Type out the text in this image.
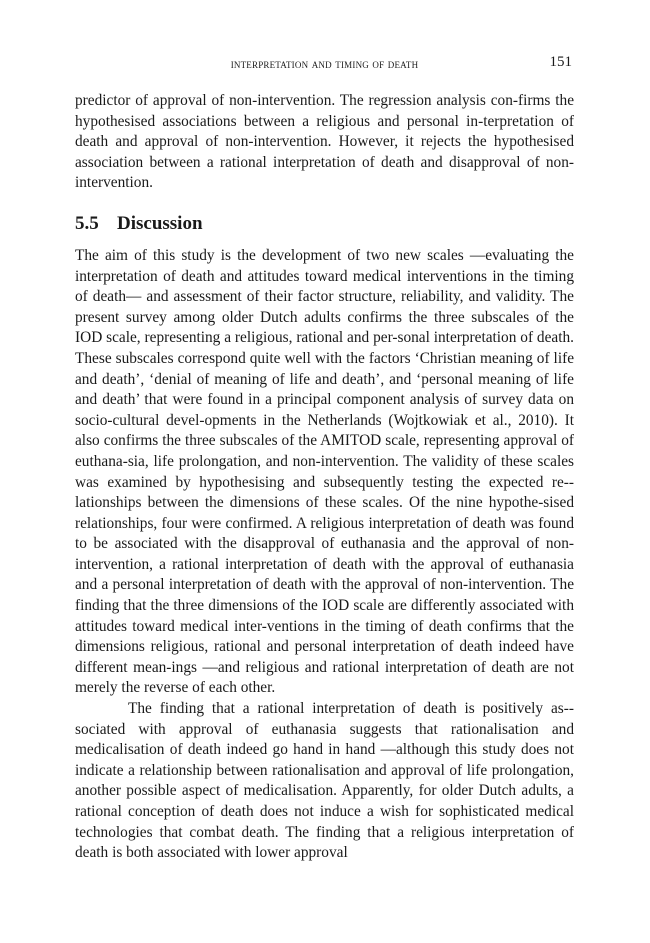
interpretation and timing of death	151

predictor of approval of non-intervention. The regression analysis con-firms the hypothesised associations between a religious and personal in-terpretation of death and approval of non-intervention. However, it rejects the hypothesised association between a rational interpretation of death and disapproval of non-intervention.

5.5 Discussion

The aim of this study is the development of two new scales —evaluating the interpretation of death and attitudes toward medical interventions in the timing of death— and assessment of their factor structure, reliability, and validity. The present survey among older Dutch adults confirms the three subscales of the IOD scale, representing a religious, rational and per-sonal interpretation of death. These subscales correspond quite well with the factors ‘Christian meaning of life and death’, ‘denial of meaning of life and death’, and ‘personal meaning of life and death’ that were found in a principal component analysis of survey data on socio-cultural devel-opments in the Netherlands (Wojtkowiak et al., 2010). It also confirms the three subscales of the AMITOD scale, representing approval of euthana-sia, life prolongation, and non-intervention. The validity of these scales was examined by hypothesising and subsequently testing the expected re-lationships between the dimensions of these scales. Of the nine hypothe-sised relationships, four were confirmed. A religious interpretation of death was found to be associated with the disapproval of euthanasia and the approval of non-intervention, a rational interpretation of death with the approval of euthanasia and a personal interpretation of death with the approval of non-intervention. The finding that the three dimensions of the IOD scale are differently associated with attitudes toward medical inter-ventions in the timing of death confirms that the dimensions religious, rational and personal interpretation of death indeed have different mean-ings —and religious and rational interpretation of death are not merely the reverse of each other.

The finding that a rational interpretation of death is positively as-sociated with approval of euthanasia suggests that rationalisation and medicalisation of death indeed go hand in hand —although this study does not indicate a relationship between rationalisation and approval of life prolongation, another possible aspect of medicalisation. Apparently, for older Dutch adults, a rational conception of death does not induce a wish for sophisticated medical technologies that combat death. The finding that a religious interpretation of death is both associated with lower approval
